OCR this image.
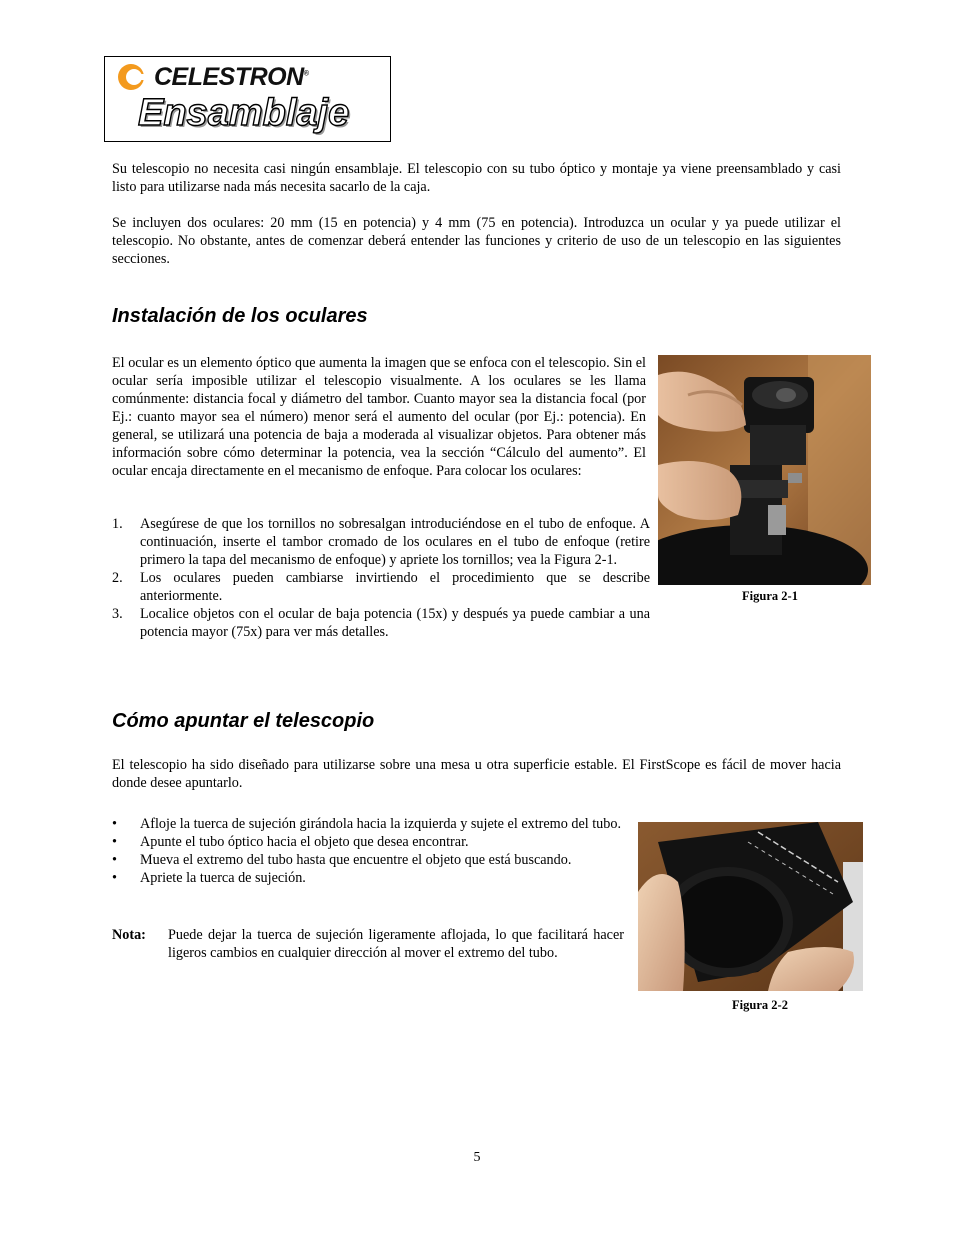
CELESTRON®
Ensamblaje
Su telescopio no necesita casi ningún ensamblaje. El telescopio con su tubo óptico y montaje ya viene preensamblado y casi listo para utilizarse nada más necesita sacarlo de la caja.
Se incluyen dos oculares: 20 mm (15 en potencia) y 4 mm (75 en potencia). Introduzca un ocular y ya puede utilizar el telescopio. No obstante, antes de comenzar deberá entender las funciones y criterio de uso de un telescopio en las siguientes secciones.
Instalación de los oculares
El ocular es un elemento óptico que aumenta la imagen que se enfoca con el telescopio. Sin el ocular sería imposible utilizar el telescopio visualmente. A los oculares se les llama comúnmente: distancia focal y diámetro del tambor. Cuanto mayor sea la distancia focal (por Ej.: cuanto mayor sea el número) menor será el aumento del ocular (por Ej.: potencia). En general, se utilizará una potencia de baja a moderada al visualizar objetos. Para obtener más información sobre cómo determinar la potencia, vea la sección “Cálculo del aumento”. El ocular encaja directamente en el mecanismo de enfoque. Para colocar los oculares:
1. Asegúrese de que los tornillos no sobresalgan introduciéndose en el tubo de enfoque. A continuación, inserte el tambor cromado de los oculares en el tubo de enfoque (retire primero la tapa del mecanismo de enfoque) y apriete los tornillos; vea la Figura 2-1.
2. Los oculares pueden cambiarse invirtiendo el procedimiento que se describe anteriormente.
3. Localice objetos con el ocular de baja potencia (15x) y después ya puede cambiar a una potencia mayor (75x) para ver más detalles.
Figura 2-1
Cómo apuntar el telescopio
El telescopio ha sido diseñado para utilizarse sobre una mesa u otra superficie estable. El FirstScope es fácil de mover hacia donde desee apuntarlo.
• Afloje la tuerca de sujeción girándola hacia la izquierda y sujete el extremo del tubo.
• Apunte el tubo óptico hacia el objeto que desea encontrar.
• Mueva el extremo del tubo hasta que encuentre el objeto que está buscando.
• Apriete la tuerca de sujeción.
Nota:	Puede dejar la tuerca de sujeción ligeramente aflojada, lo que facilitará hacer ligeros cambios en cualquier dirección al mover el extremo del tubo.
Figura 2-2
5
